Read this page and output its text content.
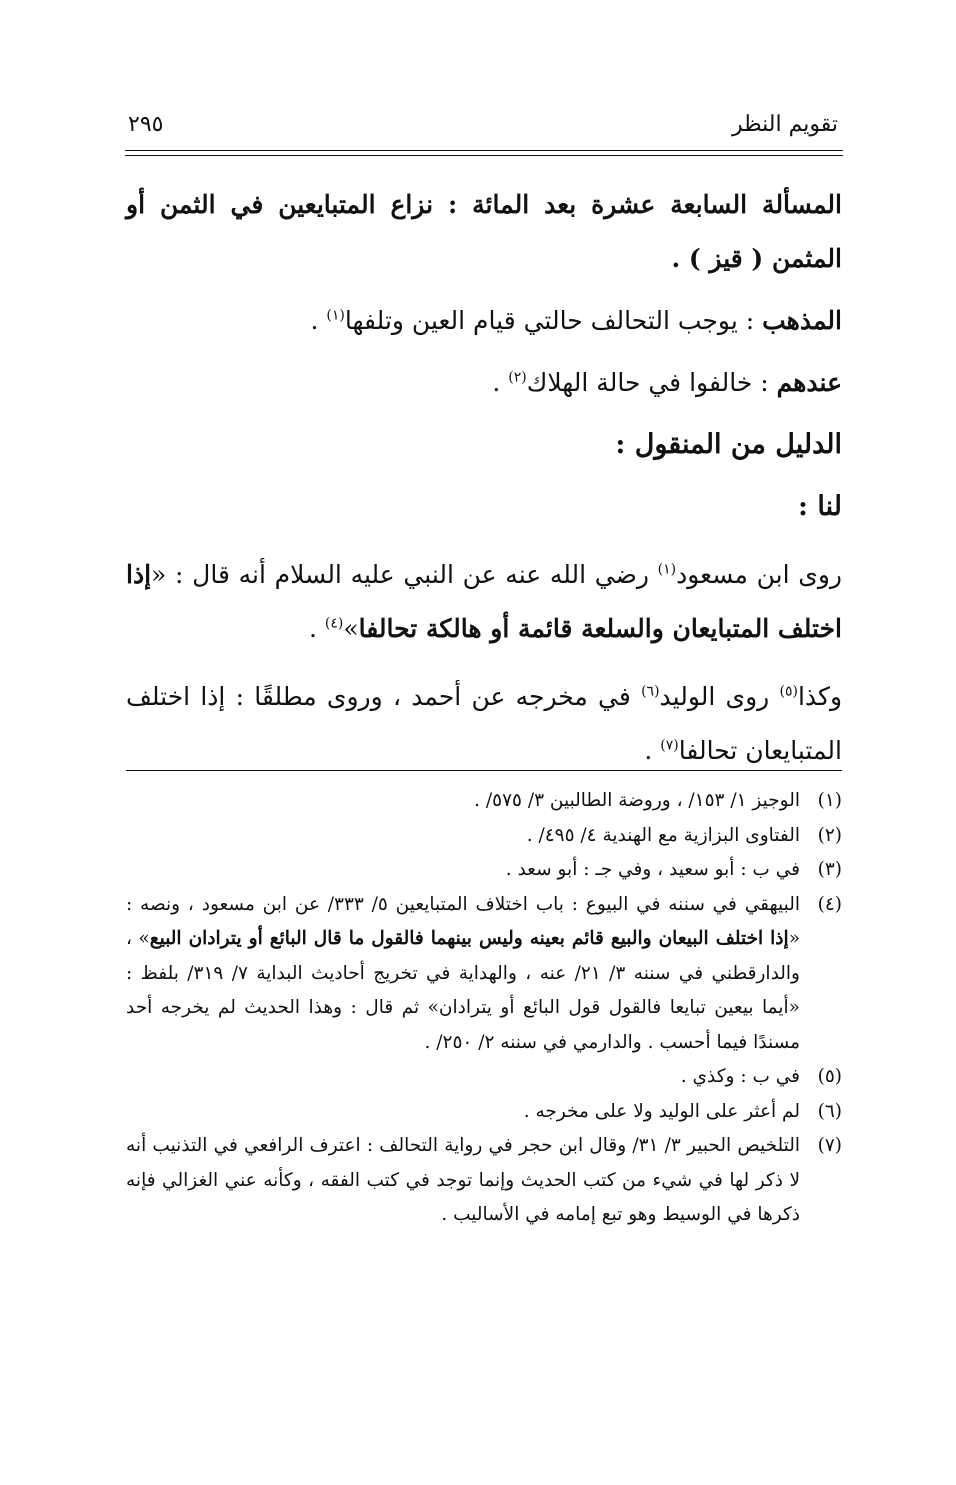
تقويم النظر
٢٩٥

المسألة السابعة عشرة بعد المائة : نزاع المتبايعين في الثمن أو المثمن ( قيز ) .

المذهب : يوجب التحالف حالتي قيام العين وتلفها$^{(١)}$ .

عندهم : خالفوا في حالة الهلاك$^{(٢)}$ .

الدليل من المنقول :

لنا :

روى ابن مسعود$^{(١)}$ رضي الله عنه عن النبي عليه السلام أنه قال : «إذا اختلف المتبايعان والسلعة قائمة أو هالكة تحالفا»$^{(٤)}$ .

وكذا$^{(٥)}$ روى الوليد$^{(٦)}$ في مخرجه عن أحمد ، وروى مطلقًا : إذا اختلف المتبايعان تحالفا$^{(٧)}$ .

(١)
الوجيز ١/ ١٥٣/ ، وروضة الطالبين ٣/ ٥٧٥/ .

(٢)
الفتاوى البزازية مع الهندية ٤/ ٤٩٥/ .

(٣)
في ب : أبو سعيد ، وفي جـ : أبو سعد .

(٤)
البيهقي في سننه في البيوع : باب اختلاف المتبايعين ٥/ ٣٣٣/ عن ابن مسعود ، ونصه : «إذا اختلف البيعان والبيع قائم بعينه وليس بينهما فالقول ما قال البائع أو يترادان البيع» ، والدارقطني في سننه ٣/ ٢١/ عنه ، والهداية في تخريج أحاديث البداية ٧/ ٣١٩/ بلفظ : «أيما بيعين تبايعا فالقول قول البائع أو يترادان» ثم قال : وهذا الحديث لم يخرجه أحد مسندًا فيما أحسب . والدارمي في سننه ٢/ ٢٥٠/ .

(٥)
في ب : وكذي .

(٦)
لم أعثر على الوليد ولا على مخرجه .

(٧)
التلخيص الحبير ٣/ ٣١/ وقال ابن حجر في رواية التحالف : اعترف الرافعي في التذنيب أنه لا ذكر لها في شيء من كتب الحديث وإنما توجد في كتب الفقه ، وكأنه عني الغزالي فإنه ذكرها في الوسيط وهو تبع إمامه في الأساليب .
